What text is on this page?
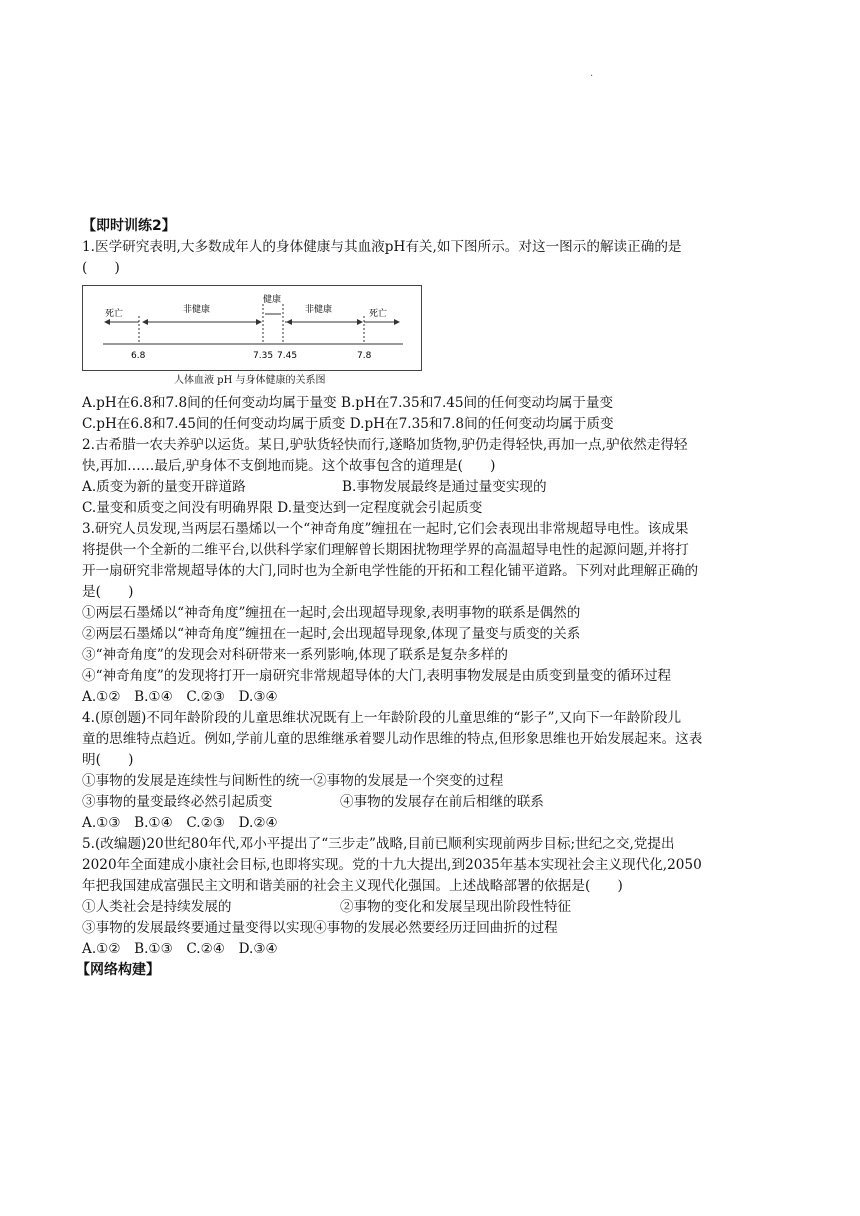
.
【即时训练2】
1.医学研究表明,大多数成年人的身体健康与其血液pH有关,如下图所示。对这一图示的解读正确的是
(　　)
死亡	非健康
健康
非健康	死亡
6.8	7.35 7.45	7.8
人体血液 pH 与身体健康的关系图
A.pH在6.8和7.8间的任何变动均属于量变 B.pH在7.35和7.45间的任何变动均属于量变
C.pH在6.8和7.45间的任何变动均属于质变 D.pH在7.35和7.8间的任何变动均属于质变
2.古希腊一农夫养驴以运货。某日,驴驮货轻快而行,遂略加货物,驴仍走得轻快,再加一点,驴依然走得轻
快,再加……最后,驴身体不支倒地而毙。这个故事包含的道理是(　　)
A.质变为新的量变开辟道路	B.事物发展最终是通过量变实现的
C.量变和质变之间没有明确界限 D.量变达到一定程度就会引起质变
3.研究人员发现,当两层石墨烯以一个“神奇角度”缠扭在一起时,它们会表现出非常规超导电性。该成果
将提供一个全新的二维平台,以供科学家们理解曾长期困扰物理学界的高温超导电性的起源问题,并将打
开一扇研究非常规超导体的大门,同时也为全新电学性能的开拓和工程化铺平道路。下列对此理解正确的
是(　　)
①两层石墨烯以“神奇角度”缠扭在一起时,会出现超导现象,表明事物的联系是偶然的
②两层石墨烯以“神奇角度”缠扭在一起时,会出现超导现象,体现了量变与质变的关系
③“神奇角度”的发现会对科研带来一系列影响,体现了联系是复杂多样的
④“神奇角度”的发现将打开一扇研究非常规超导体的大门,表明事物发展是由质变到量变的循环过程
A.①②　B.①④　C.②③　D.③④
4.(原创题)不同年龄阶段的儿童思维状况既有上一年龄阶段的儿童思维的“影子”,又向下一年龄阶段儿
童的思维特点趋近。例如,学前儿童的思维继承着婴儿动作思维的特点,但形象思维也开始发展起来。这表
明(　　)
①事物的发展是连续性与间断性的统一②事物的发展是一个突变的过程
③事物的量变最终必然引起质变	④事物的发展存在前后相继的联系
A.①③　B.①④　C.②③　D.②④
5.(改编题)20世纪80年代,邓小平提出了“三步走”战略,目前已顺利实现前两步目标;世纪之交,党提出
2020年全面建成小康社会目标,也即将实现。党的十九大提出,到2035年基本实现社会主义现代化,2050
年把我国建成富强民主文明和谐美丽的社会主义现代化强国。上述战略部署的依据是(　　)
①人类社会是持续发展的	②事物的变化和发展呈现出阶段性特征
③事物的发展最终要通过量变得以实现④事物的发展必然要经历迂回曲折的过程
A.①②　B.①③　C.②④　D.③④
【网络构建】
